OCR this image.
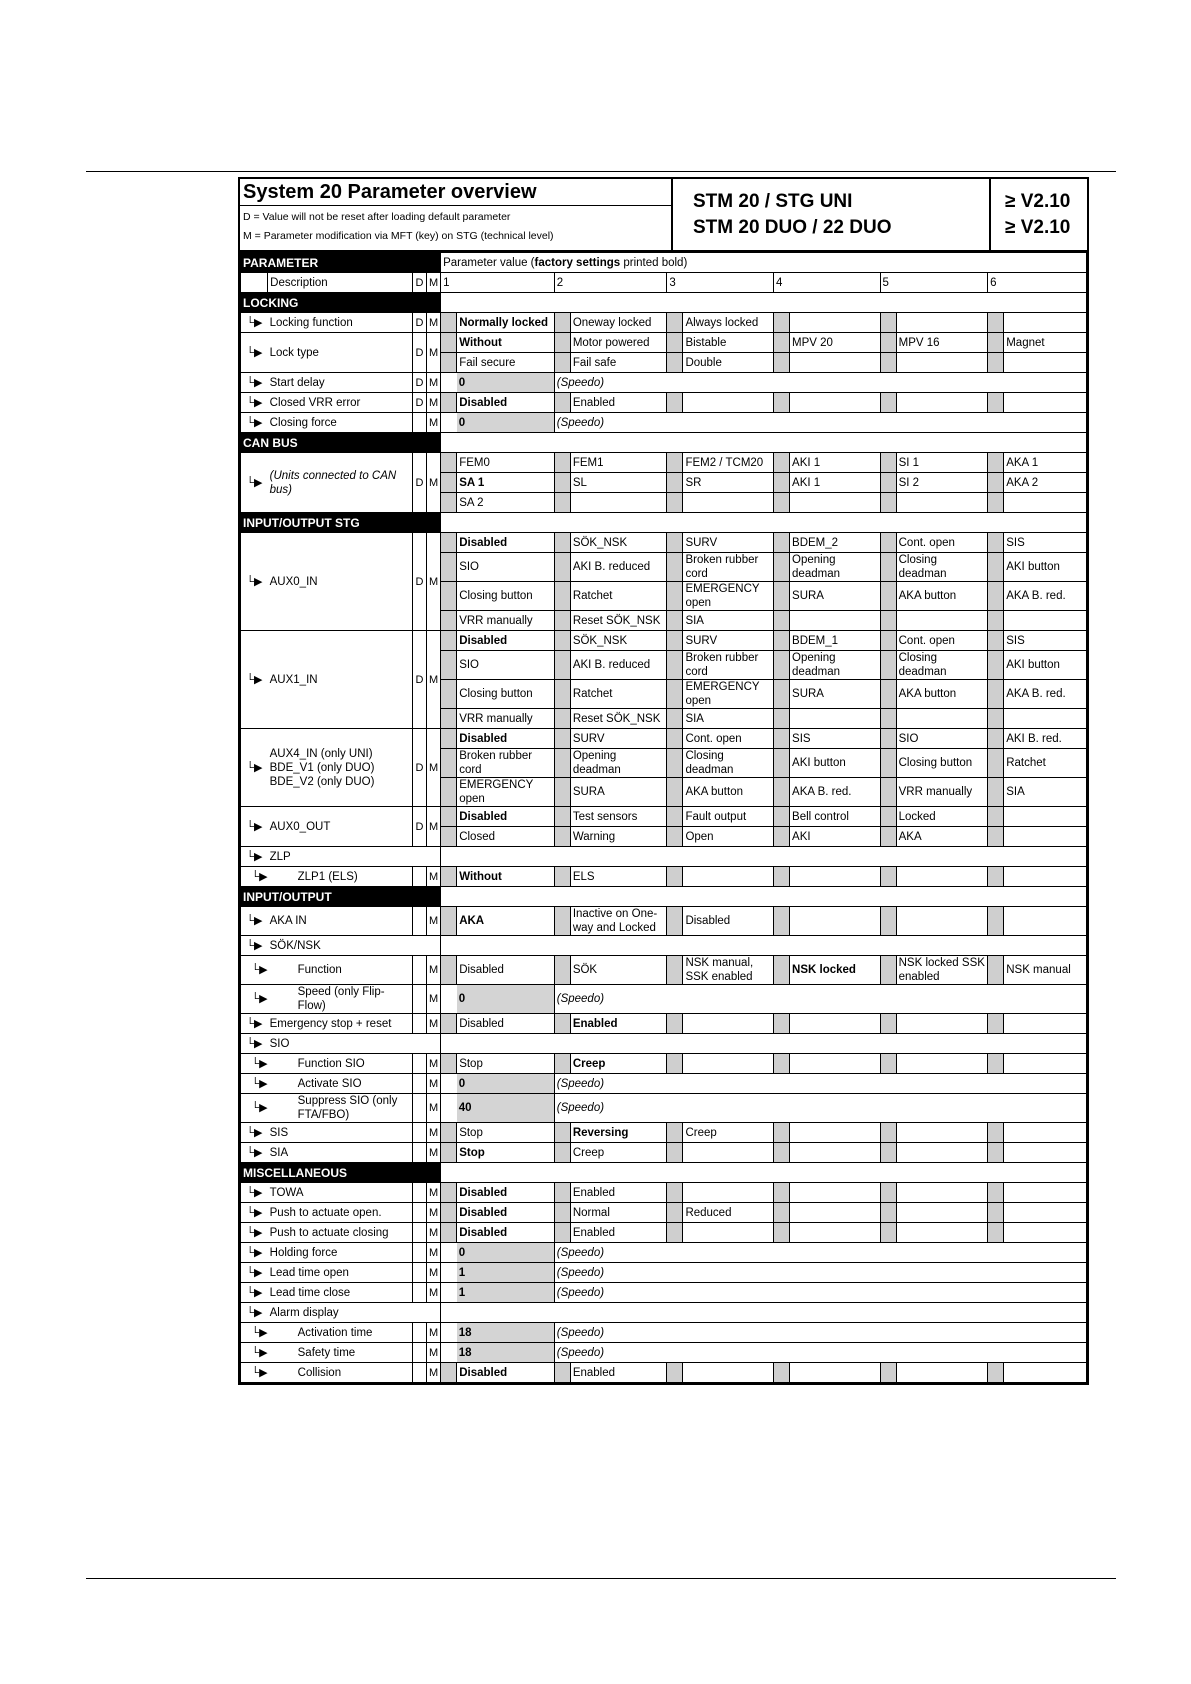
System 20 Parameter overview
D = Value will not be reset after loading default parameter
M = Parameter modification via MFT (key) on STG (technical level)
STM 20 / STG UNI
STM 20 DUO / 22 DUO
≥ V2.10
≥ V2.10
PARAMETER				Parameter value (factory settings printed bold)											
	Description	D	M	1		2		3		4		5		6	
LOCKING															
└▶	Locking function	D	M		Normally locked		Oneway locked		Always locked						
└▶	Lock type	D	M		Without		Motor powered		Bistable		MPV 20		MPV 16		Magnet
					Fail secure		Fail safe		Double						
└▶	Start delay	D	M		0	(Speedo)									
└▶	Closed VRR error	D	M		Disabled		Enabled								
└▶	Closing force		M		0	(Speedo)									
CAN BUS															
└▶	(Units connected to CAN bus)	D	M		FEM0		FEM1		FEM2 / TCM20		AKI 1		SI 1		AKA 1
					SA 1		SL		SR		AKI 1		SI 2		AKA 2
					SA 2										
INPUT/OUTPUT STG															
└▶	AUX0_IN	D	M		Disabled		SÖK_NSK		SURV		BDEM_2		Cont. open		SIS
					SIO		AKI B. reduced		Broken rubber cord		Opening deadman		Closing deadman		AKI button
					Closing button		Ratchet		EMERGENCY open		SURA		AKA button		AKA B. red.
					VRR manually		Reset SÖK_NSK		SIA						
└▶	AUX1_IN	D	M		Disabled		SÖK_NSK		SURV		BDEM_1		Cont. open		SIS
					SIO		AKI B. reduced		Broken rubber cord		Opening deadman		Closing deadman		AKI button
					Closing button		Ratchet		EMERGENCY open		SURA		AKA button		AKA B. red.
					VRR manually		Reset SÖK_NSK		SIA						
└▶	AUX4_IN (only UNI) BDE_V1 (only DUO) BDE_V2 (only DUO)	D	M		Disabled		SURV		Cont. open		SIS		SIO		AKI B. red.
					Broken rubber cord		Opening deadman		Closing deadman		AKI button		Closing button		Ratchet
					EMERGENCY open		SURA		AKA button		AKA B. red.		VRR manually		SIA
└▶	AUX0_OUT	D	M		Disabled		Test sensors		Fault output		Bell control		Locked		
					Closed		Warning		Open		AKI		AKA		
└▶	ZLP														
└▶	ZLP1 (ELS)		M		Without		ELS								
INPUT/OUTPUT															
└▶	AKA IN		M		AKA		Inactive on One-way and Locked		Disabled						
└▶	SÖK/NSK														
└▶	Function		M		Disabled		SÖK		NSK manual, SSK enabled		NSK locked		NSK locked SSK enabled		NSK manual
└▶	Speed (only Flip-Flow)		M		0	(Speedo)									
└▶	Emergency stop + reset		M		Disabled		Enabled								
└▶	SIO														
└▶	Function SIO		M		Stop		Creep								
└▶	Activate SIO		M		0	(Speedo)									
└▶	Suppress SIO (only FTA/FBO)		M		40	(Speedo)									
└▶	SIS		M		Stop		Reversing		Creep						
└▶	SIA		M		Stop		Creep								
MISCELLANEOUS															
└▶	TOWA		M		Disabled		Enabled								
└▶	Push to actuate open.		M		Disabled		Normal		Reduced						
└▶	Push to actuate closing		M		Disabled		Enabled								
└▶	Holding force		M		0	(Speedo)									
└▶	Lead time open		M		1	(Speedo)									
└▶	Lead time close		M		1	(Speedo)									
└▶	Alarm display														
└▶	Activation time		M		18	(Speedo)									
└▶	Safety time		M		18	(Speedo)									
└▶	Collision		M		Disabled		Enabled								
